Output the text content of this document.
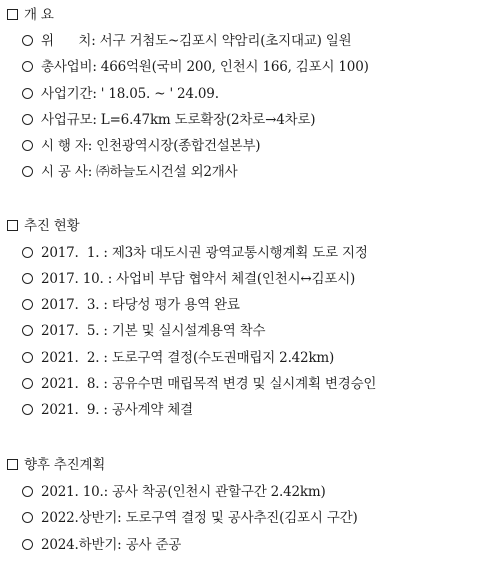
개 요
위      치: 서구 거첨도~김포시 약암리(초지대교) 일원
총사업비: 466억원(국비 200, 인천시 166, 김포시 100)
사업기간: ' 18.05. ~ ' 24.09.
사업규모: L=6.47km 도로확장(2차로→4차로)
시 행 자: 인천광역시장(종합건설본부)
시 공 사: ㈜하늘도시건설 외2개사
추진 현황
2017.  1. : 제3차 대도시권 광역교통시행계획 도로 지정
2017. 10. : 사업비 부담 협약서 체결(인천시↔김포시)
2017.  3. : 타당성 평가 용역 완료
2017.  5. : 기본 및 실시설계용역 착수
2021.  2. : 도로구역 결정(수도권매립지 2.42km)
2021.  8. : 공유수면 매립목적 변경 및 실시계획 변경승인
2021.  9. : 공사계약 체결
향후 추진계획
2021. 10.: 공사 착공(인천시 관할구간 2.42km)
2022.상반기: 도로구역 결정 및 공사추진(김포시 구간)
2024.하반기: 공사 준공
